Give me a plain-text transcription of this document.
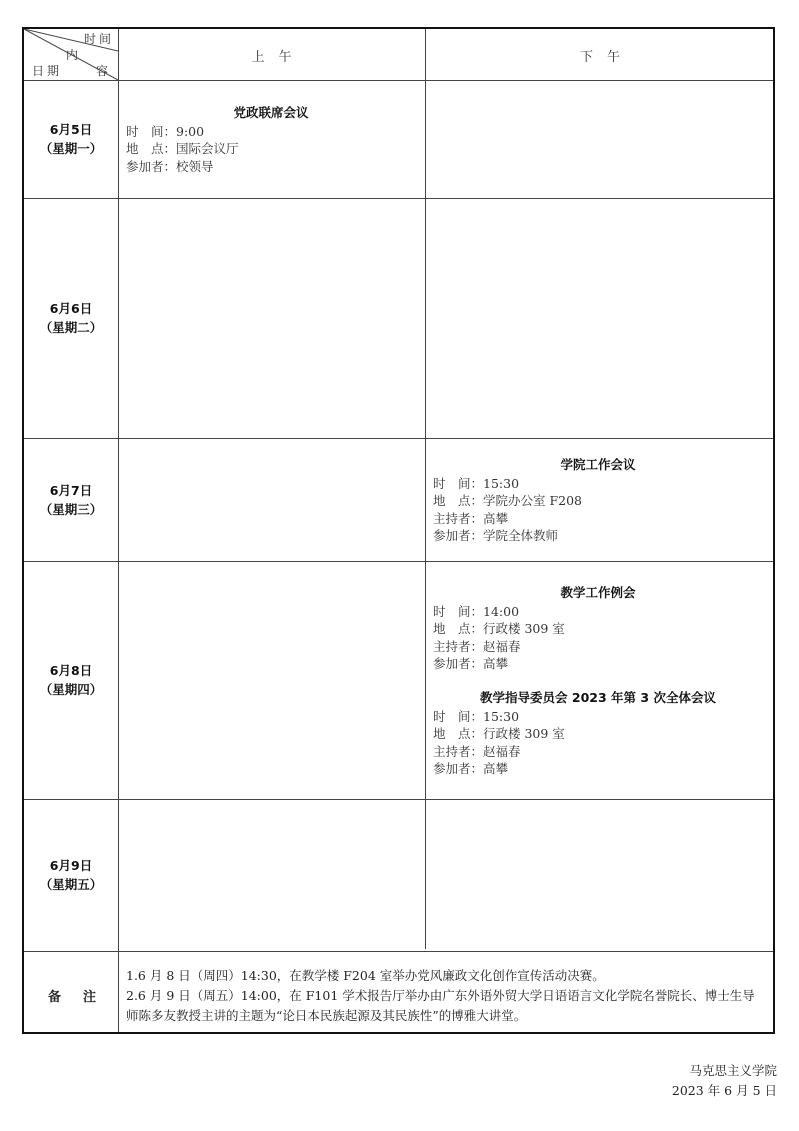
时间
内
容
日期
上午	下午
6月5日
（星期一）
6月6日
（星期二）
6月7日
（星期三）
6月8日
（星期四）
6月9日
（星期五）
党政联席会议
时　间：9:00
地　点：国际会议厅
参加者：校领导
学院工作会议
时　间：15:30
地　点：学院办公室 F208
主持者：高攀
参加者：学院全体教师
教学工作例会
时　间：14:00
地　点：行政楼 309 室
主持者：赵福春
参加者：高攀
教学指导委员会 2023 年第 3 次全体会议
时　间：15:30
地　点：行政楼 309 室
主持者：赵福春
参加者：高攀
备注
1.6 月 8 日（周四）14:30，在教学楼 F204 室举办党风廉政文化创作宣传活动决赛。
2.6 月 9 日（周五）14:00，在 F101 学术报告厅举办由广东外语外贸大学日语语言文化学院名誉院长、博士生导师陈多友教授主讲的主题为“论日本民族起源及其民族性”的博雅大讲堂。
马克思主义学院
2023 年 6 月 5 日
